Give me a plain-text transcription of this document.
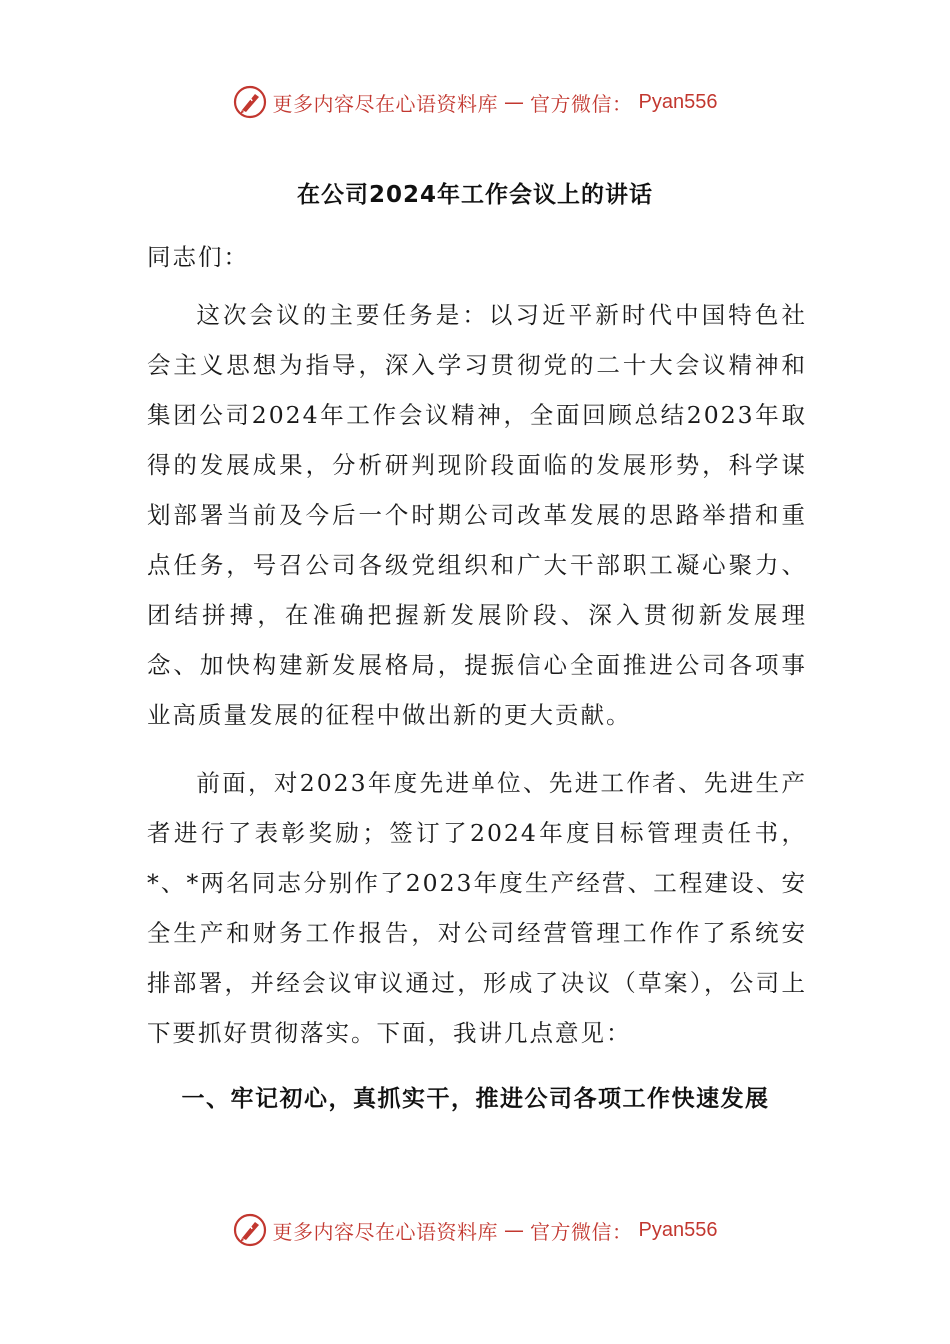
更多内容尽在心语资料库 — 官方微信： Pyan556
在公司2024年工作会议上的讲话

同志们：

这次会议的主要任务是：以习近平新时代中国特色社会主义思想为指导，深入学习贯彻党的二十大会议精神和集团公司2024年工作会议精神，全面回顾总结2023年取得的发展成果，分析研判现阶段面临的发展形势，科学谋划部署当前及今后一个时期公司改革发展的思路举措和重点任务，号召公司各级党组织和广大干部职工凝心聚力、团结拼搏，在准确把握新发展阶段、深入贯彻新发展理念、加快构建新发展格局，提振信心全面推进公司各项事业高质量发展的征程中做出新的更大贡献。

前面，对2023年度先进单位、先进工作者、先进生产者进行了表彰奖励；签订了2024年度目标管理责任书，*、*两名同志分别作了2023年度生产经营、工程建设、安全生产和财务工作报告，对公司经营管理工作作了系统安排部署，并经会议审议通过，形成了决议（草案），公司上下要抓好贯彻落实。下面，我讲几点意见：

一、牢记初心，真抓实干，推进公司各项工作快速发展

更多内容尽在心语资料库 — 官方微信： Pyan556
